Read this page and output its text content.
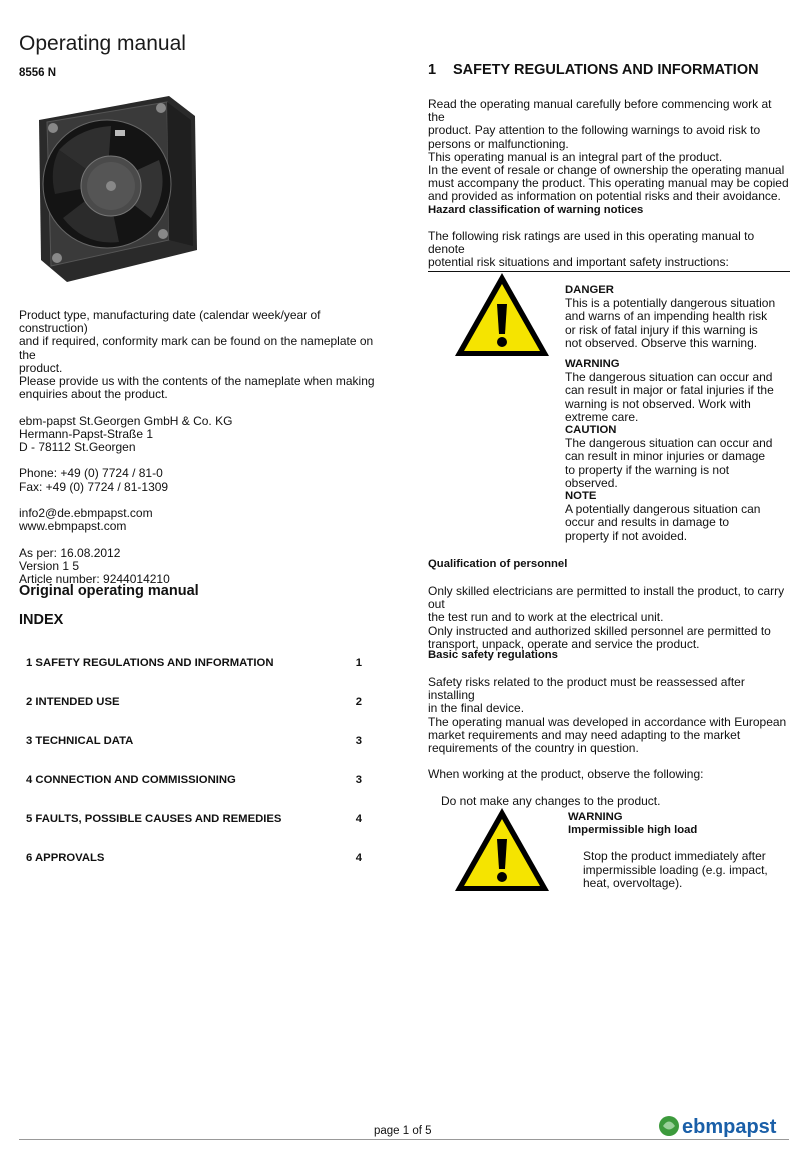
Operating manual
8556 N

Product type, manufacturing date (calendar week/year of construction)

and if required, conformity mark can be found on the nameplate on the

product.

Please provide us with the contents of the nameplate when making

enquiries about the product.

ebm-papst St.Georgen GmbH & Co. KG

Hermann-Papst-Straße 1

D - 78112 St.Georgen

Phone: +49 (0) 7724 / 81-0

Fax: +49 (0) 7724 / 81-1309

info2@de.ebmpapst.com

www.ebmpapst.com

As per: 16.08.2012

Version 1 5

Article number: 9244014210

Original operating manual
INDEX
1 SAFETY REGULATIONS AND INFORMATION	1
2 INTENDED USE	2
3 TECHNICAL DATA	3
4 CONNECTION AND COMMISSIONING	3
5 FAULTS, POSSIBLE CAUSES AND REMEDIES	4
6 APPROVALS	4
1 SAFETY REGULATIONS AND INFORMATION

Read the operating manual carefully before commencing work at the

product. Pay attention to the following warnings to avoid risk to

persons or malfunctioning.

This operating manual is an integral part of the product.

In the event of resale or change of ownership the operating manual

must accompany the product. This operating manual may be copied

and provided as information on potential risks and their avoidance.

Hazard classification of warning notices

The following risk ratings are used in this operating manual to denote

potential risk situations and important safety instructions:

DANGER

This is a potentially dangerous situation

and warns of an impending health risk

or risk of fatal injury if this warning is

not observed. Observe this warning.

WARNING

The dangerous situation can occur and

can result in major or fatal injuries if the

warning is not observed. Work with

extreme care.

CAUTION

The dangerous situation can occur and

can result in minor injuries or damage

to property if the warning is not

observed.

NOTE

A potentially dangerous situation can

occur and results in damage to

property if not avoided.

Qualification of personnel

Only skilled electricians are permitted to install the product, to carry out

the test run and to work at the electrical unit.

Only instructed and authorized skilled personnel are permitted to

transport, unpack, operate and service the product.

Basic safety regulations

Safety risks related to the product must be reassessed after installing

in the final device.

The operating manual was developed in accordance with European

market requirements and may need adapting to the market

requirements of the country in question.

When working at the product, observe the following:

Do not make any changes to the product.

WARNING

Impermissible high load

Stop the product immediately after

impermissible loading (e.g. impact,

heat, overvoltage).

page 1 of 5	ebmpapst
